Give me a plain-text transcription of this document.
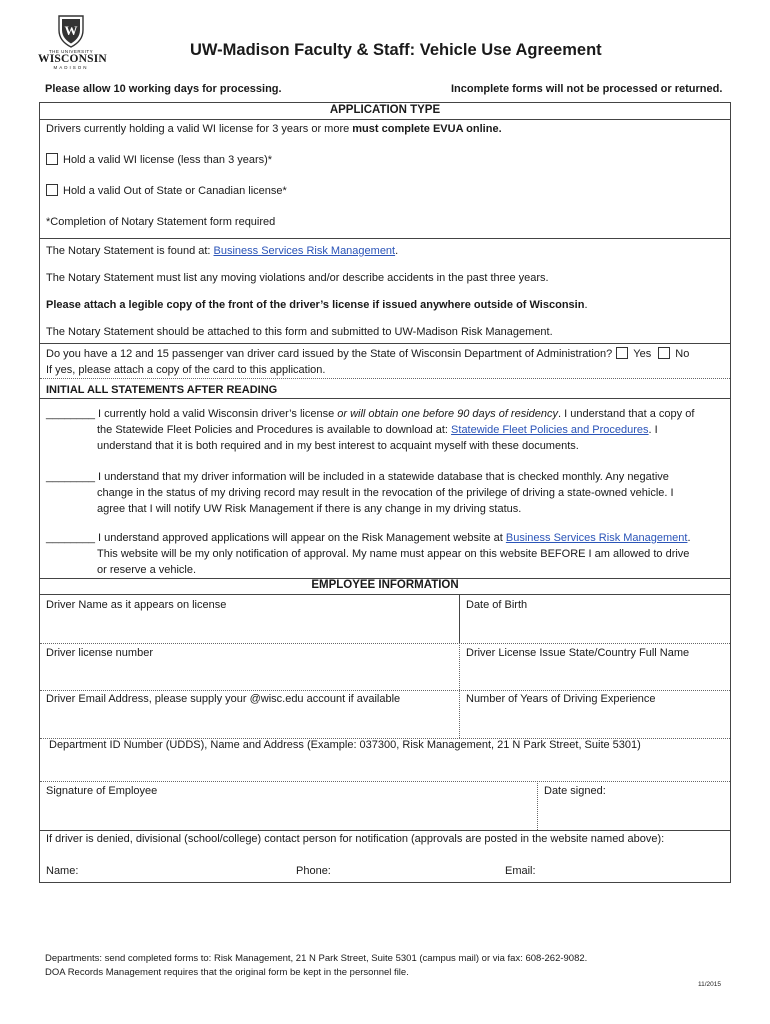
W
THE UNIVERSITY
WISCONSIN
MADISON
UW-Madison Faculty & Staff: Vehicle Use Agreement
Please allow 10 working days for processing.	Incomplete forms will not be processed or returned.
APPLICATION TYPE
Drivers currently holding a valid WI license for 3 years or more must complete EVUA online.
Hold a valid WI license (less than 3 years)*
Hold a valid Out of State or Canadian license*
*Completion of Notary Statement form required
The Notary Statement is found at: Business Services Risk Management.
The Notary Statement must list any moving violations and/or describe accidents in the past three years.
Please attach a legible copy of the front of the driver’s license if issued anywhere outside of Wisconsin.
The Notary Statement should be attached to this form and submitted to UW-Madison Risk Management.
Do you have a 12 and 15 passenger van driver card issued by the State of Wisconsin Department of Administration? Yes No
If yes, please attach a copy of the card to this application.
INITIAL ALL STATEMENTS AFTER READING
________ I currently hold a valid Wisconsin driver’s license or will obtain one before 90 days of residency. I understand that a copy of
the Statewide Fleet Policies and Procedures is available to download at: Statewide Fleet Policies and Procedures. I
understand that it is both required and in my best interest to acquaint myself with these documents.
________ I understand that my driver information will be included in a statewide database that is checked monthly. Any negative
change in the status of my driving record may result in the revocation of the privilege of driving a state-owned vehicle. I
agree that I will notify UW Risk Management if there is any change in my driving status.
________ I understand approved applications will appear on the Risk Management website at Business Services Risk Management.
This website will be my only notification of approval. My name must appear on this website BEFORE I am allowed to drive
or reserve a vehicle.
EMPLOYEE INFORMATION
Driver Name as it appears on license	Date of Birth
Driver license number	Driver License Issue State/Country Full Name
Driver Email Address, please supply your @wisc.edu account if available	Number of Years of Driving Experience
Department ID Number (UDDS), Name and Address (Example: 037300, Risk Management, 21 N Park Street, Suite 5301)
Signature of Employee	Date signed:
If driver is denied, divisional (school/college) contact person for notification (approvals are posted in the website named above):
Name:	Phone:	Email:
Departments: send completed forms to: Risk Management, 21 N Park Street, Suite 5301 (campus mail) or via fax: 608-262-9082.
DOA Records Management requires that the original form be kept in the personnel file.
11/2015
